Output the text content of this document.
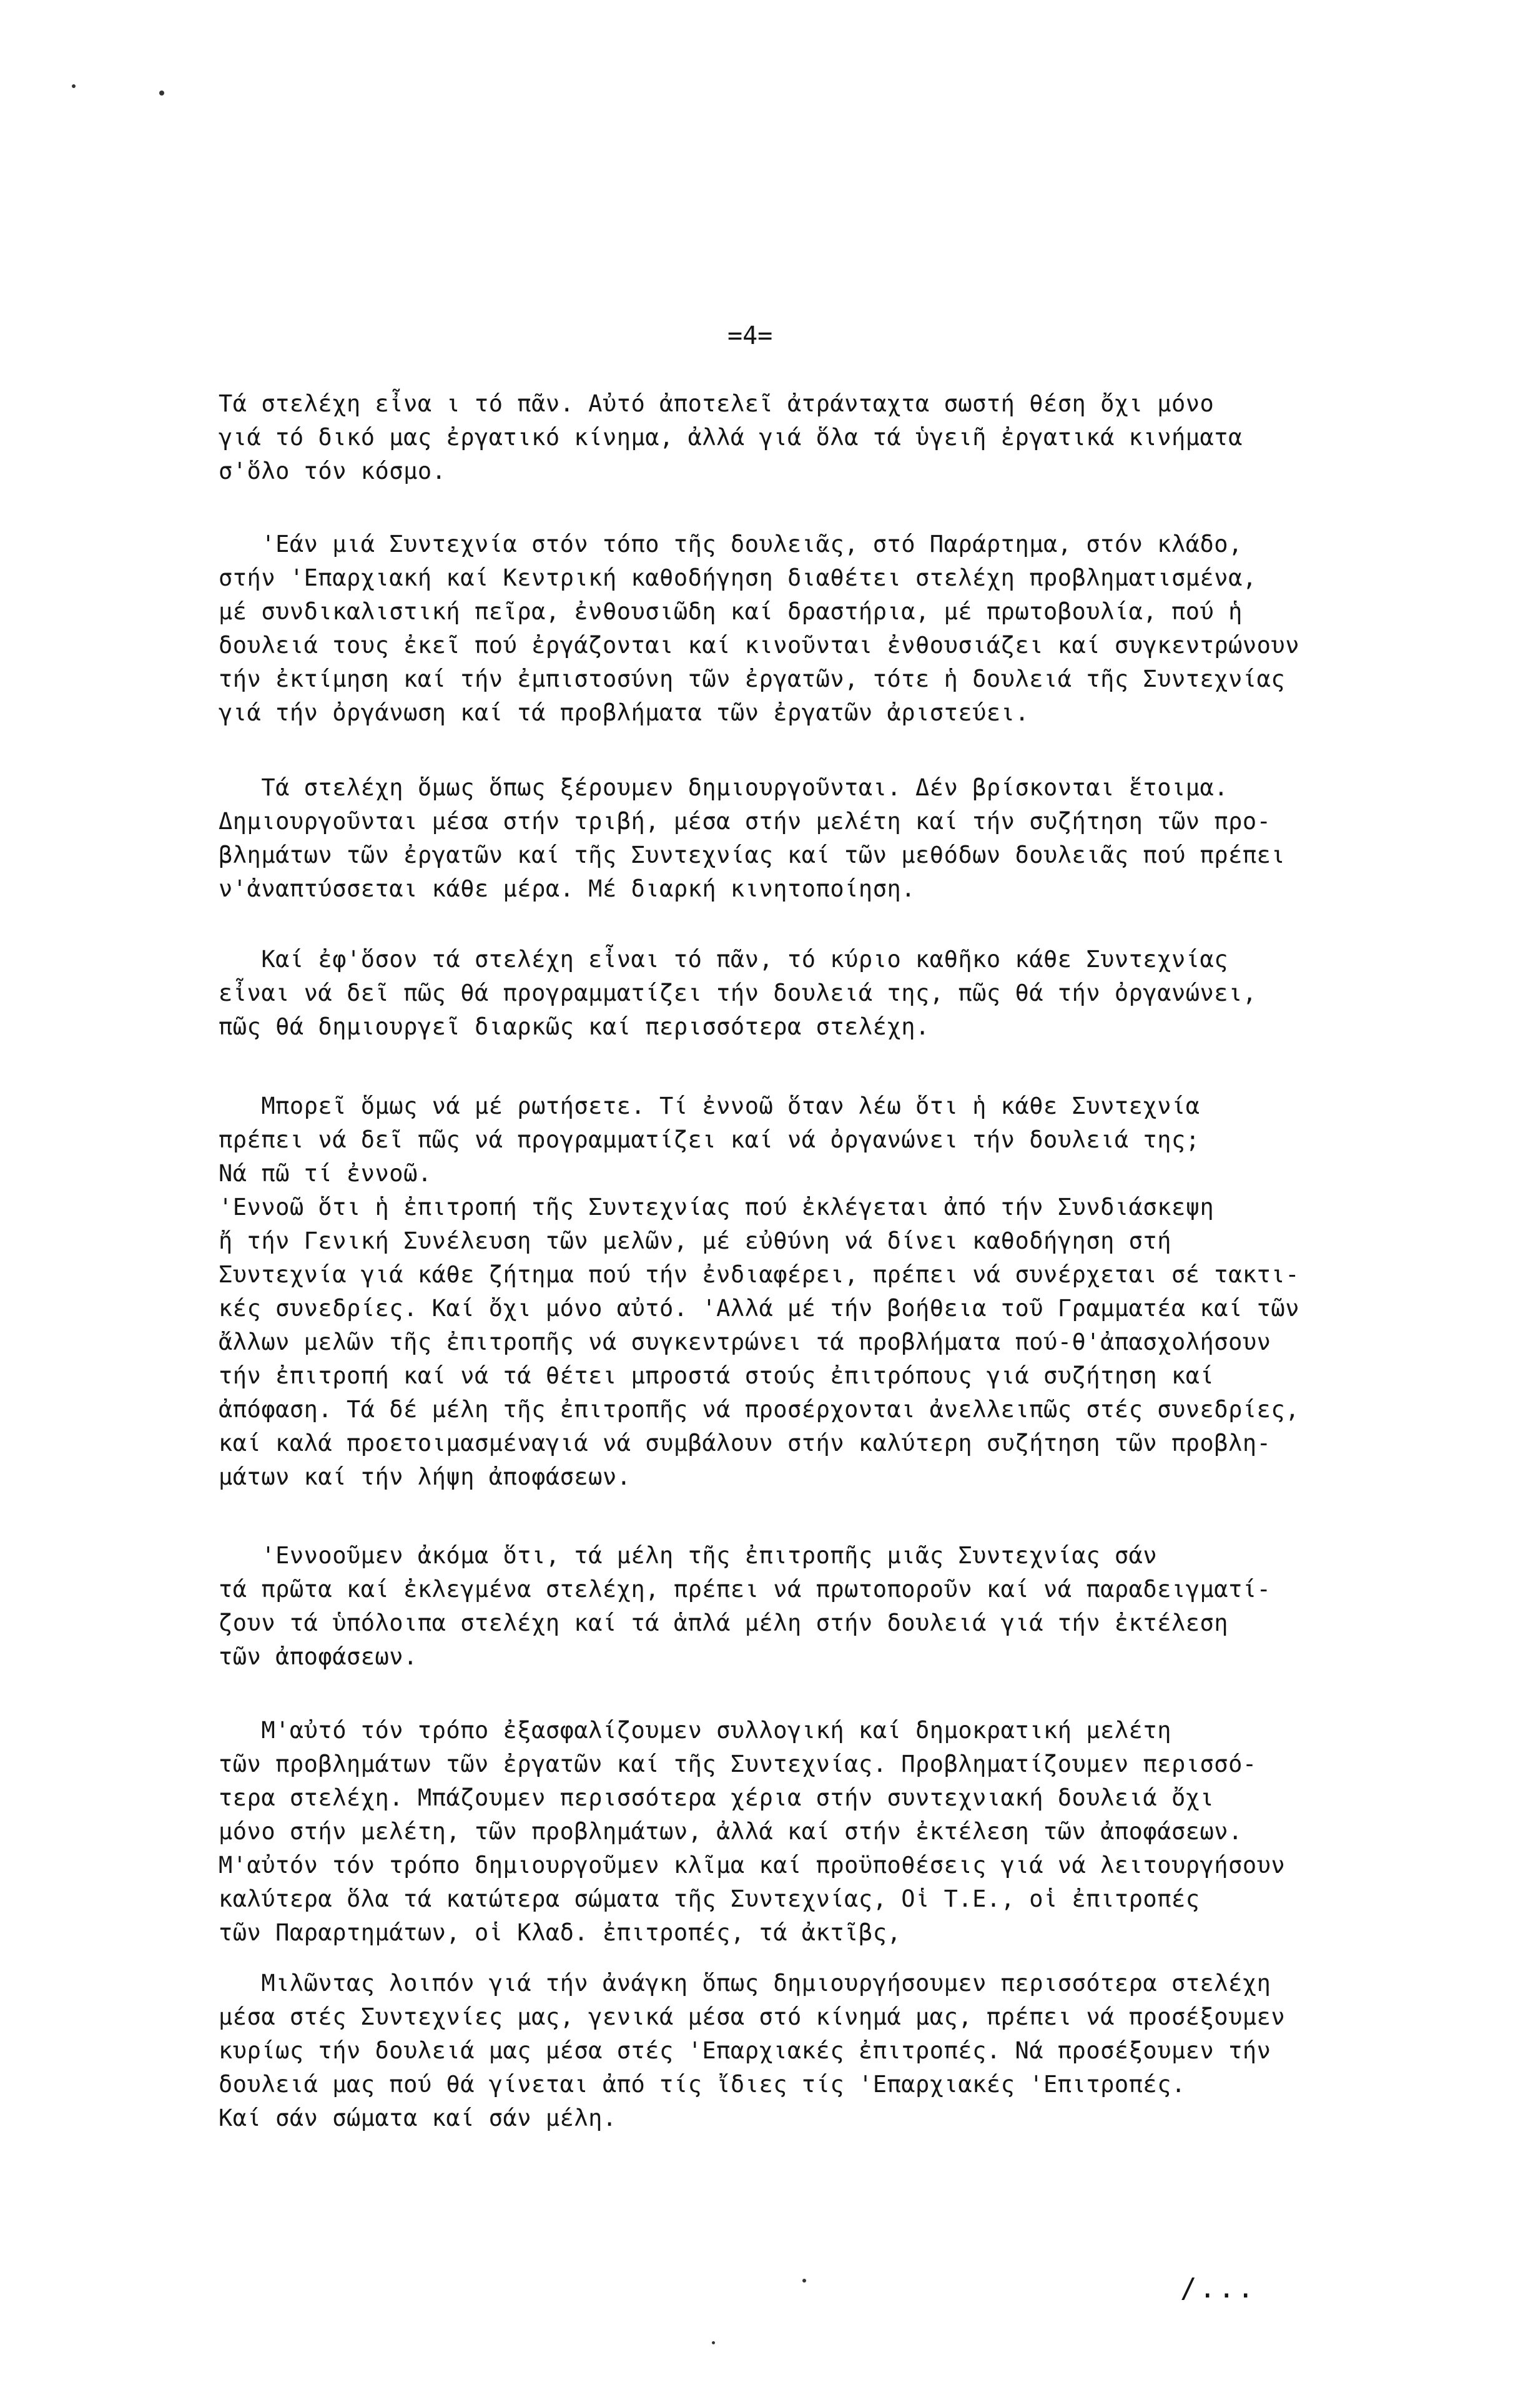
=4=

Τά στελέχη εἶνα ι τό πᾶν. Αὐτό ἀποτελεῖ ἀτράνταχτα σωστή θέση ὄχι μόνο
γιά τό δικό μας ἐργατικό κίνημα, ἀλλά γιά ὅλα τά ὑγειῆ ἐργατικά κινήματα
σ'ὅλο τόν κόσμο.

'Εάν μιά Συντεχνία στόν τόπο τῆς δουλειᾶς, στό Παράρτημα, στόν κλάδο,
στήν 'Επαρχιακή καί Κεντρική καθοδήγηση διαθέτει στελέχη προβληματισμένα,
μέ συνδικαλιστική πεῖρα, ἐνθουσιῶδη καί δραστήρια, μέ πρωτοβουλία, πού ἡ
δουλειά τους ἐκεῖ πού ἐργάζονται καί κινοῦνται ἐνθουσιάζει καί συγκεντρώνουν
τήν ἐκτίμηση καί τήν ἐμπιστοσύνη τῶν ἐργατῶν, τότε ἡ δουλειά τῆς Συντεχνίας
γιά τήν ὀργάνωση καί τά προβλήματα τῶν ἐργατῶν ἀριστεύει.

Τά στελέχη ὅμως ὅπως ξέρουμεν δημιουργοῦνται. Δέν βρίσκονται ἕτοιμα.
Δημιουργοῦνται μέσα στήν τριβή, μέσα στήν μελέτη καί τήν συζήτηση τῶν προ-
βλημάτων τῶν ἐργατῶν καί τῆς Συντεχνίας καί τῶν μεθόδων δουλειᾶς πού πρέπει
ν'ἀναπτύσσεται κάθε μέρα. Μέ διαρκή κινητοποίηση.

Καί ἐφ'ὅσον τά στελέχη εἶναι τό πᾶν, τό κύριο καθῆκο κάθε Συντεχνίας
εἶναι νά δεῖ πῶς θά προγραμματίζει τήν δουλειά της, πῶς θά τήν ὀργανώνει,
πῶς θά δημιουργεῖ διαρκῶς καί περισσότερα στελέχη.

Μπορεῖ ὅμως νά μέ ρωτήσετε. Τί ἐννοῶ ὅταν λέω ὅτι ἡ κάθε Συντεχνία
πρέπει νά δεῖ πῶς νά προγραμματίζει καί νά ὀργανώνει τήν δουλειά της;
Νά πῶ τί ἐννοῶ.
'Εννοῶ ὅτι ἡ ἐπιτροπή τῆς Συντεχνίας πού ἐκλέγεται ἀπό τήν Συνδιάσκεψη
ἤ τήν Γενική Συνέλευση τῶν μελῶν, μέ εὐθύνη νά δίνει καθοδήγηση στή
Συντεχνία γιά κάθε ζήτημα πού τήν ἐνδιαφέρει, πρέπει νά συνέρχεται σέ τακτι-
κές συνεδρίες. Καί ὄχι μόνο αὐτό. 'Αλλά μέ τήν βοήθεια τοῦ Γραμματέα καί τῶν
ἄλλων μελῶν τῆς ἐπιτροπῆς νά συγκεντρώνει τά προβλήματα πού-θ'ἀπασχολήσουν
τήν ἐπιτροπή καί νά τά θέτει μπροστά στούς ἐπιτρόπους γιά συζήτηση καί
ἀπόφαση. Τά δέ μέλη τῆς ἐπιτροπῆς νά προσέρχονται ἀνελλειπῶς στές συνεδρίες,
καί καλά προετοιμασμέναγιά νά συμβάλουν στήν καλύτερη συζήτηση τῶν προβλη-
μάτων καί τήν λήψη ἀποφάσεων.

'Εννοοῦμεν ἀκόμα ὅτι, τά μέλη τῆς ἐπιτροπῆς μιᾶς Συντεχνίας σάν
τά πρῶτα καί ἐκλεγμένα στελέχη, πρέπει νά πρωτοποροῦν καί νά παραδειγματί-
ζουν τά ὑπόλοιπα στελέχη καί τά ἁπλά μέλη στήν δουλειά γιά τήν ἐκτέλεση
τῶν ἀποφάσεων.

Μ'αὐτό τόν τρόπο ἐξασφαλίζουμεν συλλογική καί δημοκρατική μελέτη
τῶν προβλημάτων τῶν ἐργατῶν καί τῆς Συντεχνίας. Προβληματίζουμεν περισσό-
τερα στελέχη. Μπάζουμεν περισσότερα χέρια στήν συντεχνιακή δουλειά ὄχι
μόνο στήν μελέτη, τῶν προβλημάτων, ἀλλά καί στήν ἐκτέλεση τῶν ἀποφάσεων.
Μ'αὐτόν τόν τρόπο δημιουργοῦμεν κλῖμα καί προϋποθέσεις γιά νά λειτουργήσουν
καλύτερα ὅλα τά κατώτερα σώματα τῆς Συντεχνίας, Οἱ Τ.Ε., οἱ ἐπιτροπές
τῶν Παραρτημάτων, οἱ Κλαδ. ἐπιτροπές, τά ἀκτῖβς,

Μιλῶντας λοιπόν γιά τήν ἀνάγκη ὅπως δημιουργήσουμεν περισσότερα στελέχη
μέσα στές Συντεχνίες μας, γενικά μέσα στό κίνημά μας, πρέπει νά προσέξουμεν
κυρίως τήν δουλειά μας μέσα στές 'Επαρχιακές ἐπιτροπές. Νά προσέξουμεν τήν
δουλειά μας πού θά γίνεται ἀπό τίς ἴδιες τίς 'Επαρχιακές 'Επιτροπές.
Καί σάν σώματα καί σάν μέλη.

/...
